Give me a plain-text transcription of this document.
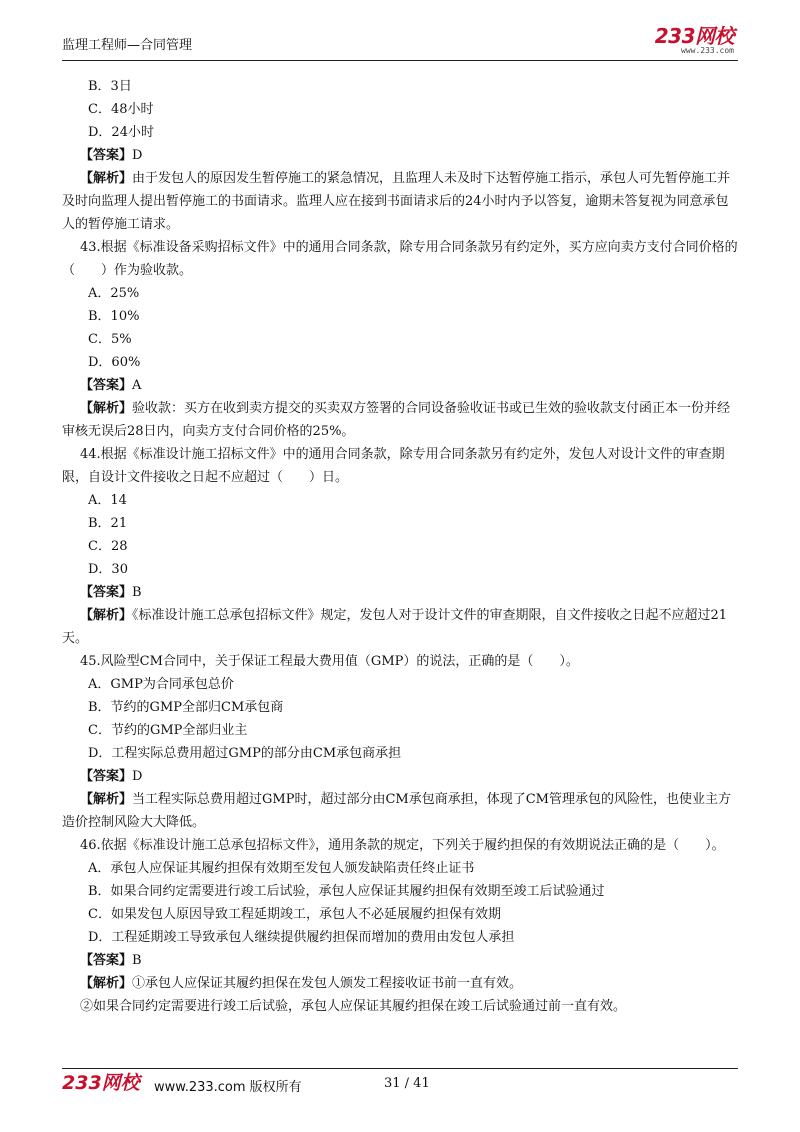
监理工程师—合同管理	233网校
www.233.com
B．3日
C．48小时
D．24小时
【答案】D
【解析】由于发包人的原因发生暂停施工的紧急情况，且监理人未及时下达暂停施工指示，承包人可先暂停施工并及时向监理人提出暂停施工的书面请求。监理人应在接到书面请求后的24小时内予以答复，逾期未答复视为同意承包人的暂停施工请求。
43.根据《标准设备采购招标文件》中的通用合同条款，除专用合同条款另有约定外，买方应向卖方支付合同价格的（　　）作为验收款。
A．25%
B．10%
C．5%
D．60%
【答案】A
【解析】验收款：买方在收到卖方提交的买卖双方签署的合同设备验收证书或已生效的验收款支付函正本一份并经审核无误后28日内，向卖方支付合同价格的25%。
44.根据《标准设计施工招标文件》中的通用合同条款，除专用合同条款另有约定外，发包人对设计文件的审查期限，自设计文件接收之日起不应超过（　　）日。
A．14
B．21
C．28
D．30
【答案】B
【解析】《标准设计施工总承包招标文件》规定，发包人对于设计文件的审查期限，自文件接收之日起不应超过21天。
45.风险型CM合同中，关于保证工程最大费用值（GMP）的说法，正确的是（　　）。
A．GMP为合同承包总价
B．节约的GMP全部归CM承包商
C．节约的GMP全部归业主
D．工程实际总费用超过GMP的部分由CM承包商承担
【答案】D
【解析】当工程实际总费用超过GMP时，超过部分由CM承包商承担，体现了CM管理承包的风险性，也使业主方造价控制风险大大降低。
46.依据《标准设计施工总承包招标文件》，通用条款的规定，下列关于履约担保的有效期说法正确的是（　　）。
A．承包人应保证其履约担保有效期至发包人颁发缺陷责任终止证书
B．如果合同约定需要进行竣工后试验，承包人应保证其履约担保有效期至竣工后试验通过
C．如果发包人原因导致工程延期竣工，承包人不必延展履约担保有效期
D．工程延期竣工导致承包人继续提供履约担保而增加的费用由发包人承担
【答案】B
【解析】①承包人应保证其履约担保在发包人颁发工程接收证书前一直有效。
②如果合同约定需要进行竣工后试验，承包人应保证其履约担保在竣工后试验通过前一直有效。
233网校 www.233.com 版权所有	31 / 41
